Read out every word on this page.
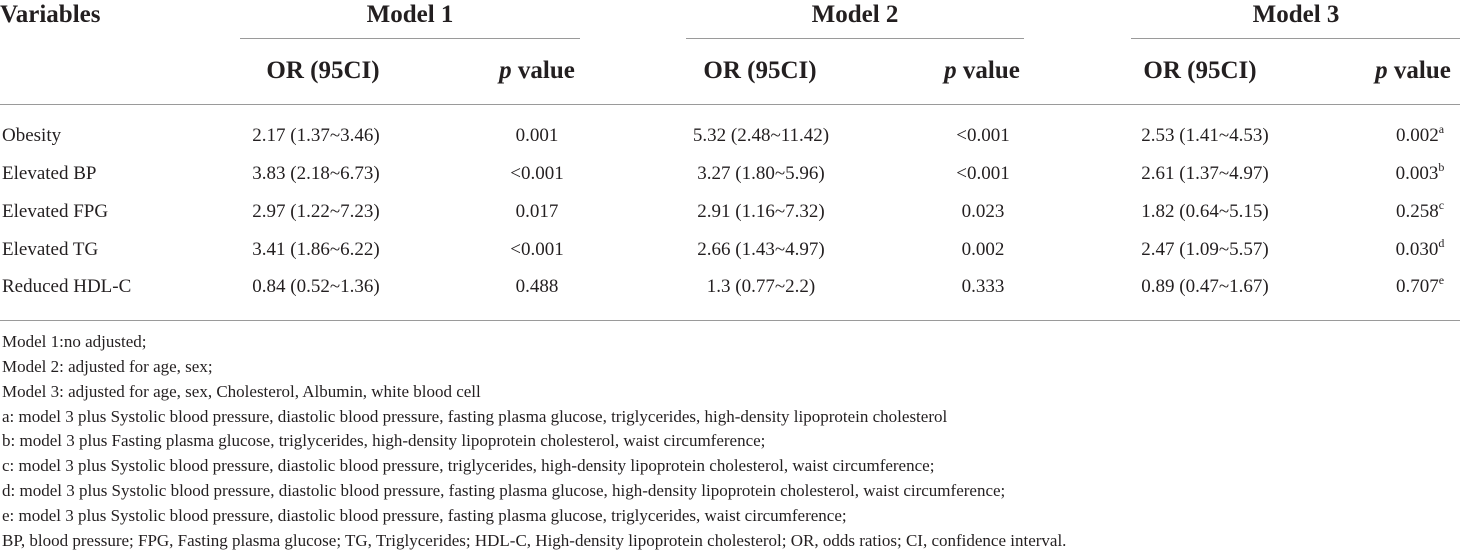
Variables	Model 1	Model 2	Model 3
OR (95CI)	p value	OR (95CI)	p value	OR (95CI)	p value
Obesity	2.17 (1.37~3.46)	0.001	5.32 (2.48~11.42)	<0.001	2.53 (1.41~4.53)	0.002$^a$
Elevated BP	3.83 (2.18~6.73)	<0.001	3.27 (1.80~5.96)	<0.001	2.61 (1.37~4.97)	0.003$^b$
Elevated FPG	2.97 (1.22~7.23)	0.017	2.91 (1.16~7.32)	0.023	1.82 (0.64~5.15)	0.258$^c$
Elevated TG	3.41 (1.86~6.22)	<0.001	2.66 (1.43~4.97)	0.002	2.47 (1.09~5.57)	0.030$^d$
Reduced HDL-C	0.84 (0.52~1.36)	0.488	1.3 (0.77~2.2)	0.333	0.89 (0.47~1.67)	0.707e
Model 1:no adjusted;
Model 2: adjusted for age, sex;
Model 3: adjusted for age, sex, Cholesterol, Albumin, white blood cell
a: model 3 plus Systolic blood pressure, diastolic blood pressure, fasting plasma glucose, triglycerides, high-density lipoprotein cholesterol
b: model 3 plus Fasting plasma glucose, triglycerides, high-density lipoprotein cholesterol, waist circumference;
c: model 3 plus Systolic blood pressure, diastolic blood pressure, triglycerides, high-density lipoprotein cholesterol, waist circumference;
d: model 3 plus Systolic blood pressure, diastolic blood pressure, fasting plasma glucose, high-density lipoprotein cholesterol, waist circumference;
e: model 3 plus Systolic blood pressure, diastolic blood pressure, fasting plasma glucose, triglycerides, waist circumference;
BP, blood pressure; FPG, Fasting plasma glucose; TG, Triglycerides; HDL-C, High-density lipoprotein cholesterol; OR, odds ratios; CI, confidence interval.
